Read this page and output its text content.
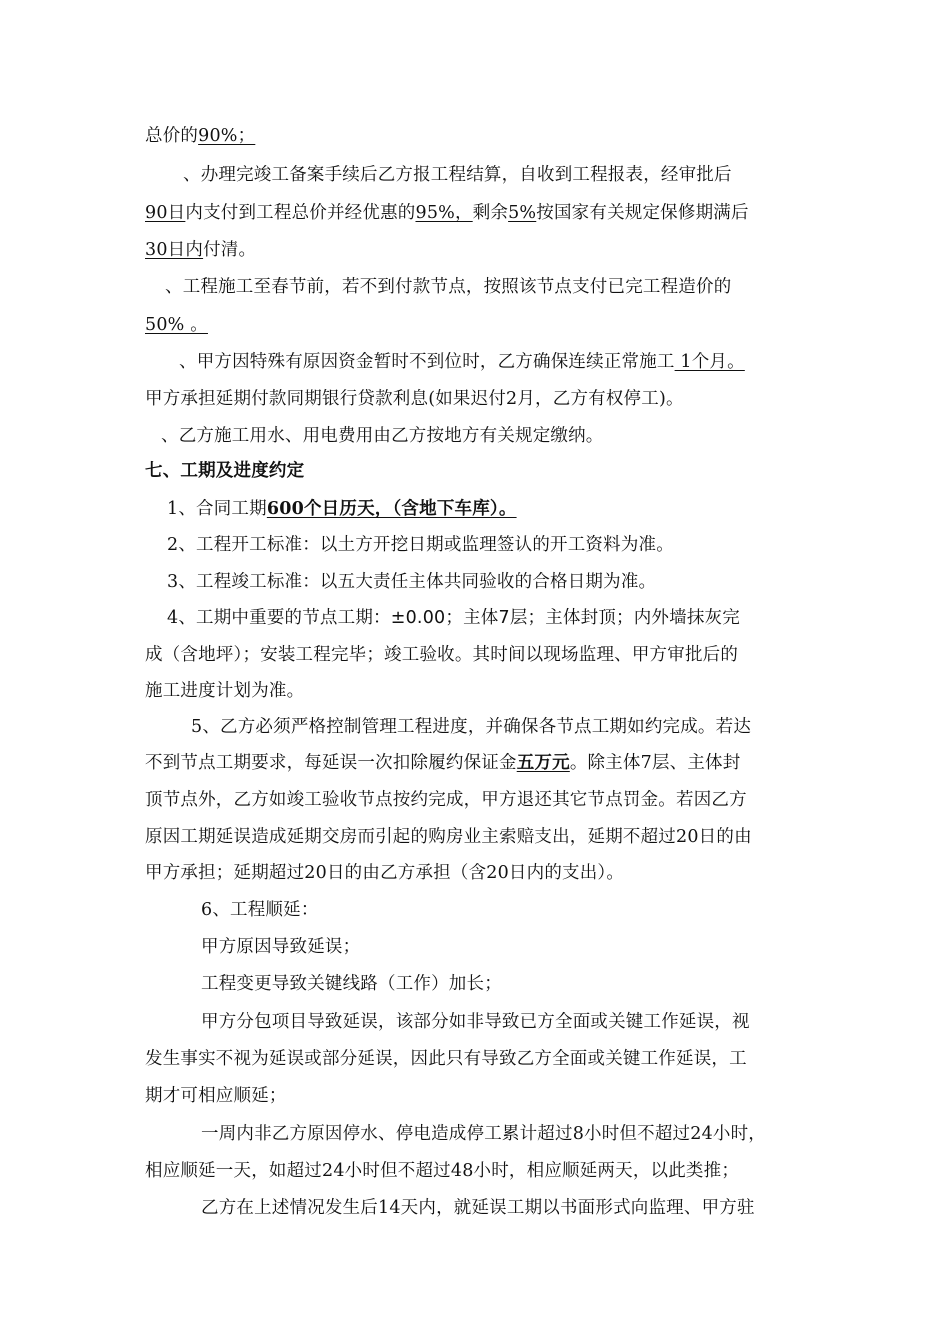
总价的90%；
、办理完竣工备案手续后乙方报工程结算，自收到工程报表，经审批后
90日内支付到工程总价并经优惠的95%，剩余5%按国家有关规定保修期满后
30日内付清。
、工程施工至春节前，若不到付款节点，按照该节点支付已完工程造价的
50% 。
、甲方因特殊有原因资金暂时不到位时，乙方确保连续正常施工 1个月。
甲方承担延期付款同期银行贷款利息(如果迟付2月，乙方有权停工)。
、乙方施工用水、用电费用由乙方按地方有关规定缴纳。
七、工期及进度约定
1、合同工期600个日历天，（含地下车库）。
2、工程开工标准：以土方开挖日期或监理签认的开工资料为准。
3、工程竣工标准：以五大责任主体共同验收的合格日期为准。
4、工期中重要的节点工期：±0.00；主体7层；主体封顶；内外墙抹灰完
成（含地坪）；安装工程完毕；竣工验收。其时间以现场监理、甲方审批后的
施工进度计划为准。
5、乙方必须严格控制管理工程进度，并确保各节点工期如约完成。若达
不到节点工期要求，每延误一次扣除履约保证金五万元。除主体7层、主体封
顶节点外，乙方如竣工验收节点按约完成，甲方退还其它节点罚金。若因乙方
原因工期延误造成延期交房而引起的购房业主索赔支出，延期不超过20日的由
甲方承担；延期超过20日的由乙方承担（含20日内的支出）。
6、工程顺延：
甲方原因导致延误；
工程变更导致关键线路（工作）加长；
甲方分包项目导致延误，该部分如非导致已方全面或关键工作延误，视
发生事实不视为延误或部分延误，因此只有导致乙方全面或关键工作延误，工
期才可相应顺延；
一周内非乙方原因停水、停电造成停工累计超过8小时但不超过24小时，
相应顺延一天，如超过24小时但不超过48小时，相应顺延两天，以此类推；
乙方在上述情况发生后14天内，就延误工期以书面形式向监理、甲方驻
